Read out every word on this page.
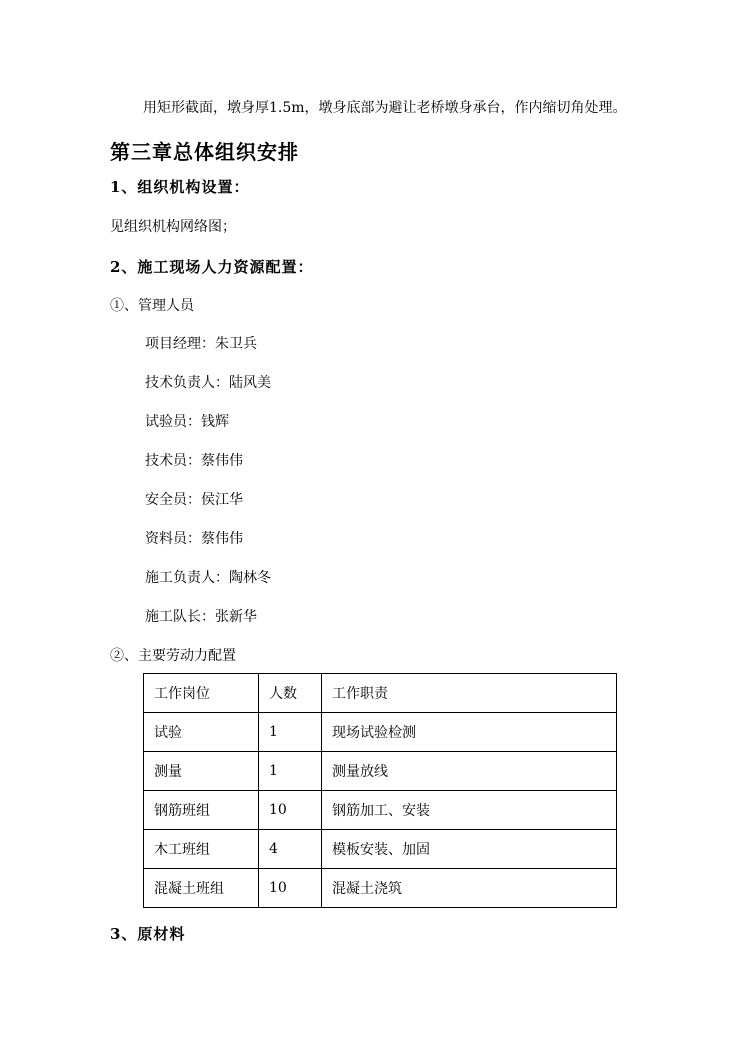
用矩形截面，墩身厚1.5m，墩身底部为避让老桥墩身承台，作内缩切角处理。
第三章总体组织安排
1、组织机构设置：
见组织机构网络图；
2、施工现场人力资源配置：
①、管理人员
项目经理：朱卫兵
技术负责人：陆风美
试验员：钱辉
技术员：蔡伟伟
安全员：侯江华
资料员：蔡伟伟
施工负责人：陶林冬
施工队长：张新华
②、主要劳动力配置
工作岗位	人数	工作职责
试验	1	现场试验检测
测量	1	测量放线
钢筋班组	10	钢筋加工、安装
木工班组	4	模板安装、加固
混凝土班组	10	混凝土浇筑
3、原材料
